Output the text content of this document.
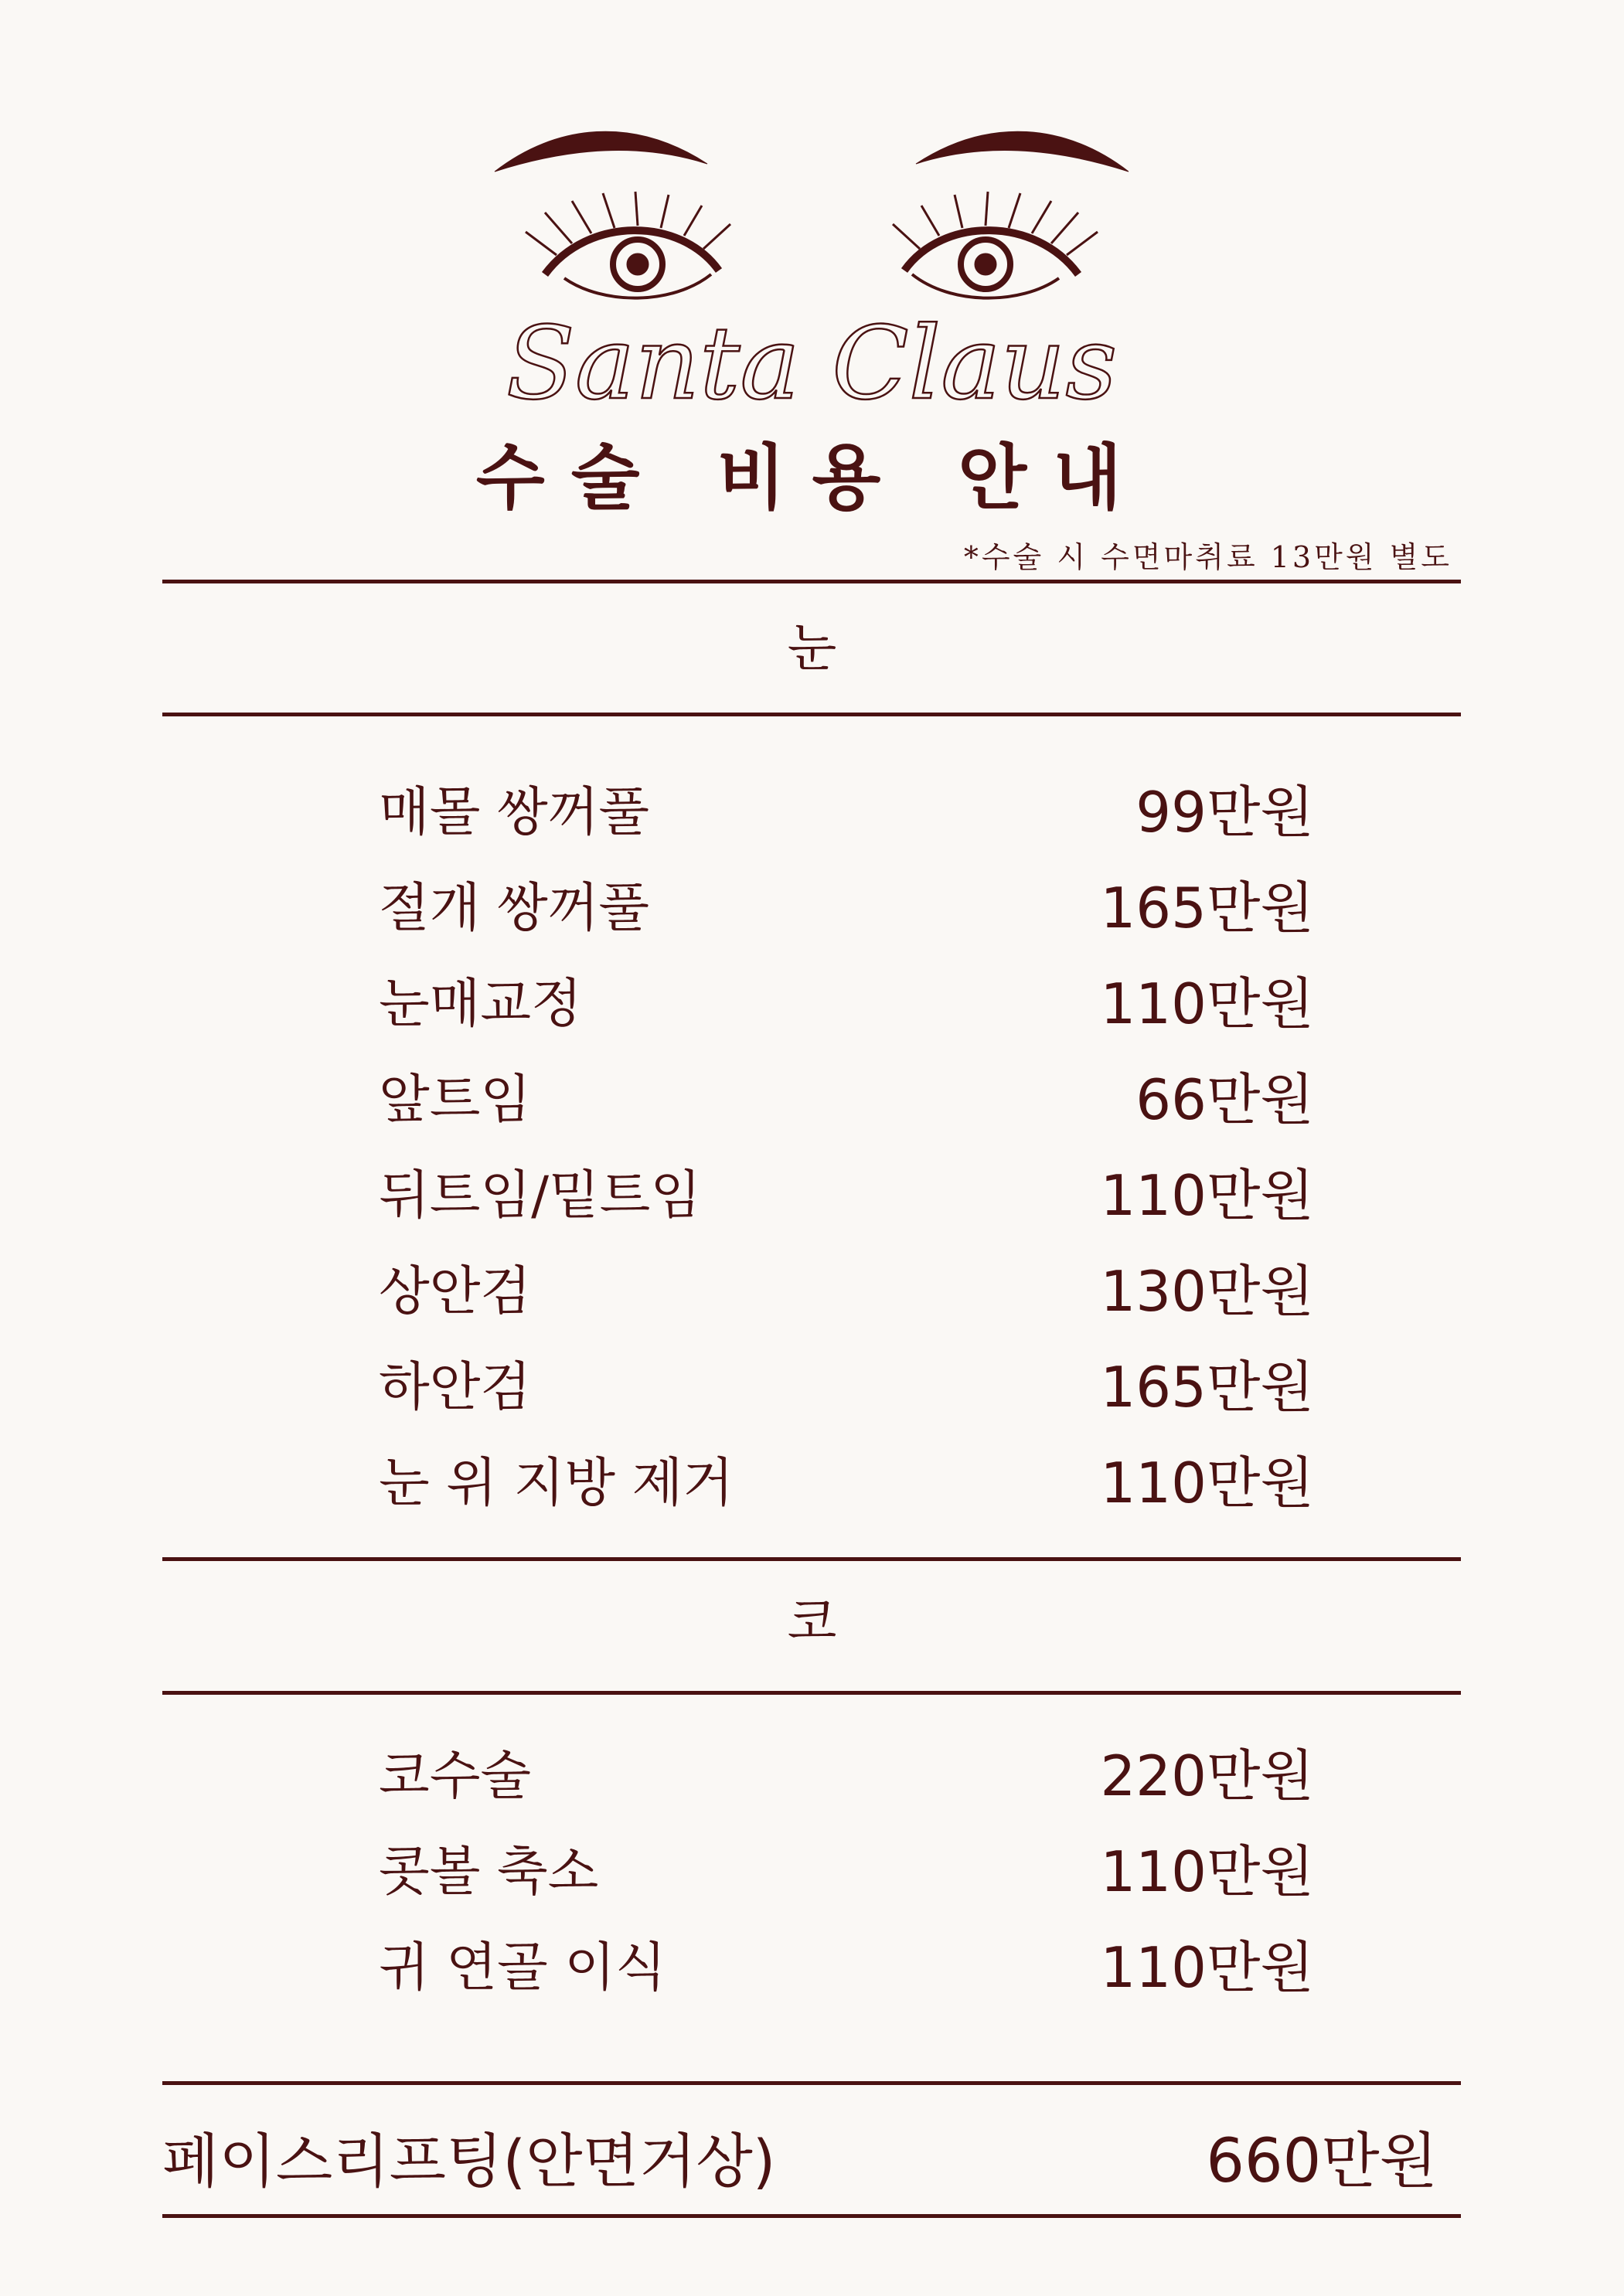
Santa Claus
수술 비용 안내
*수술 시 수면마취료 13만원 별도
눈
매몰 쌍꺼풀	99만원
절개 쌍꺼풀	165만원
눈매교정	110만원
앞트임	66만원
뒤트임/밑트임	110만원
상안검	130만원
하안검	165만원
눈 위 지방 제거	110만원
코
코수술	220만원
콧볼 축소	110만원
귀 연골 이식	110만원
페이스리프팅(안면거상)	660만원
